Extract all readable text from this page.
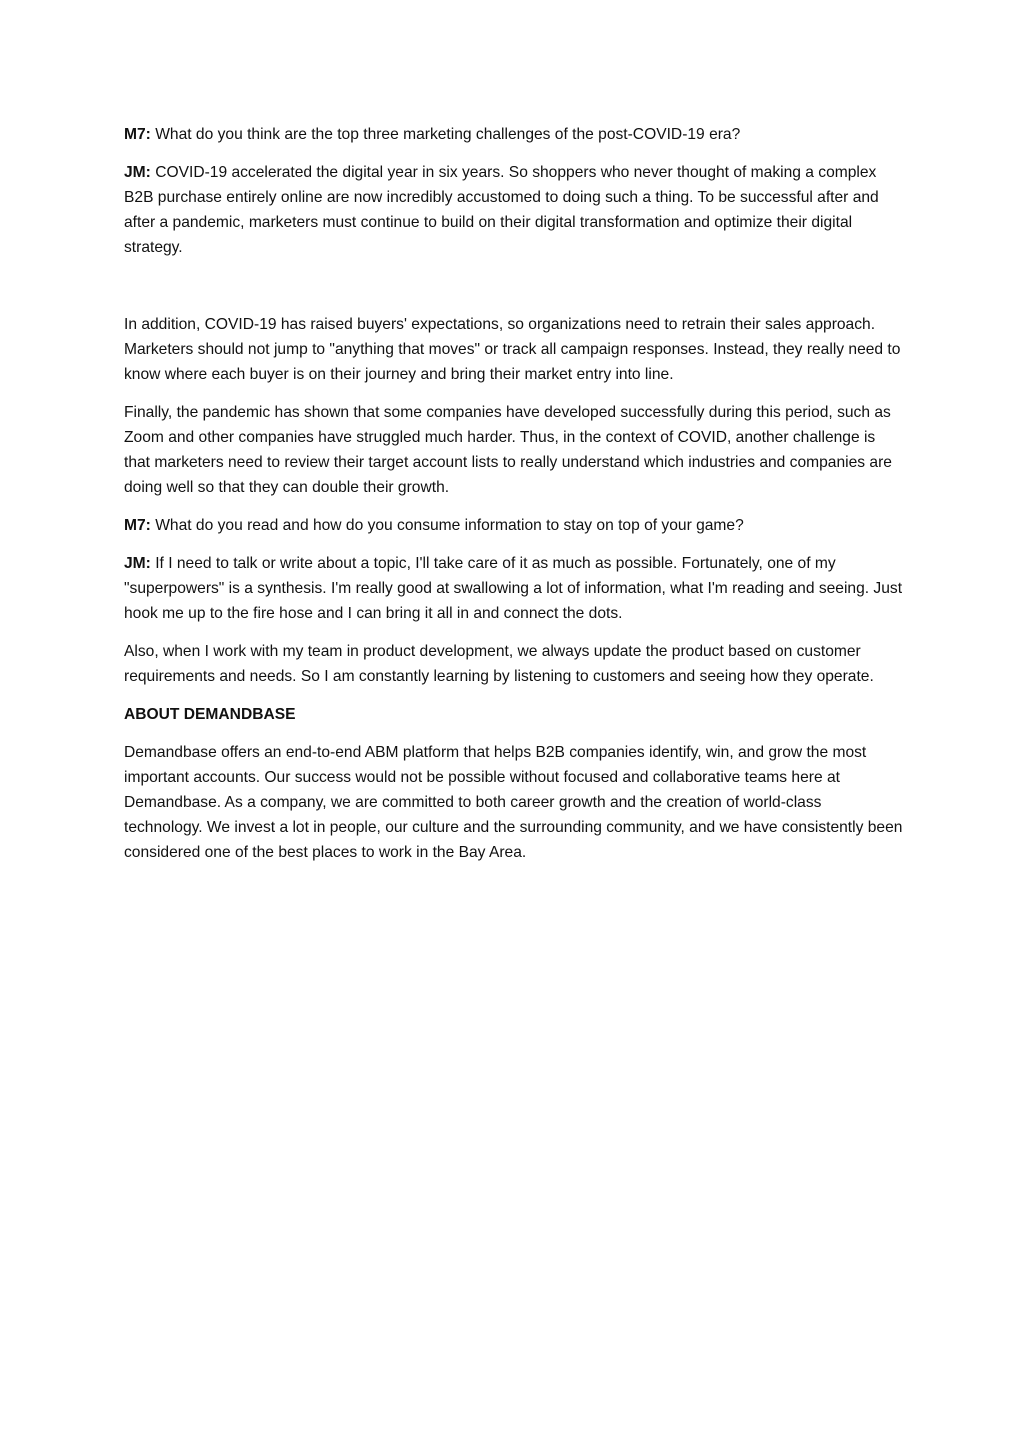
M7: What do you think are the top three marketing challenges of the post-COVID-19 era?

JM: COVID-19 accelerated the digital year in six years. So shoppers who never thought of making a complex B2B purchase entirely online are now incredibly accustomed to doing such a thing. To be successful after and after a pandemic, marketers must continue to build on their digital transformation and optimize their digital strategy.

In addition, COVID-19 has raised buyers' expectations, so organizations need to retrain their sales approach. Marketers should not jump to "anything that moves" or track all campaign responses. Instead, they really need to know where each buyer is on their journey and bring their market entry into line.

Finally, the pandemic has shown that some companies have developed successfully during this period, such as Zoom and other companies have struggled much harder. Thus, in the context of COVID, another challenge is that marketers need to review their target account lists to really understand which industries and companies are doing well so that they can double their growth.

M7: What do you read and how do you consume information to stay on top of your game?

JM: If I need to talk or write about a topic, I'll take care of it as much as possible. Fortunately, one of my "superpowers" is a synthesis. I'm really good at swallowing a lot of information, what I'm reading and seeing. Just hook me up to the fire hose and I can bring it all in and connect the dots.

Also, when I work with my team in product development, we always update the product based on customer requirements and needs. So I am constantly learning by listening to customers and seeing how they operate.

ABOUT DEMANDBASE

Demandbase offers an end-to-end ABM platform that helps B2B companies identify, win, and grow the most important accounts. Our success would not be possible without focused and collaborative teams here at Demandbase. As a company, we are committed to both career growth and the creation of world-class technology. We invest a lot in people, our culture and the surrounding community, and we have consistently been considered one of the best places to work in the Bay Area.
